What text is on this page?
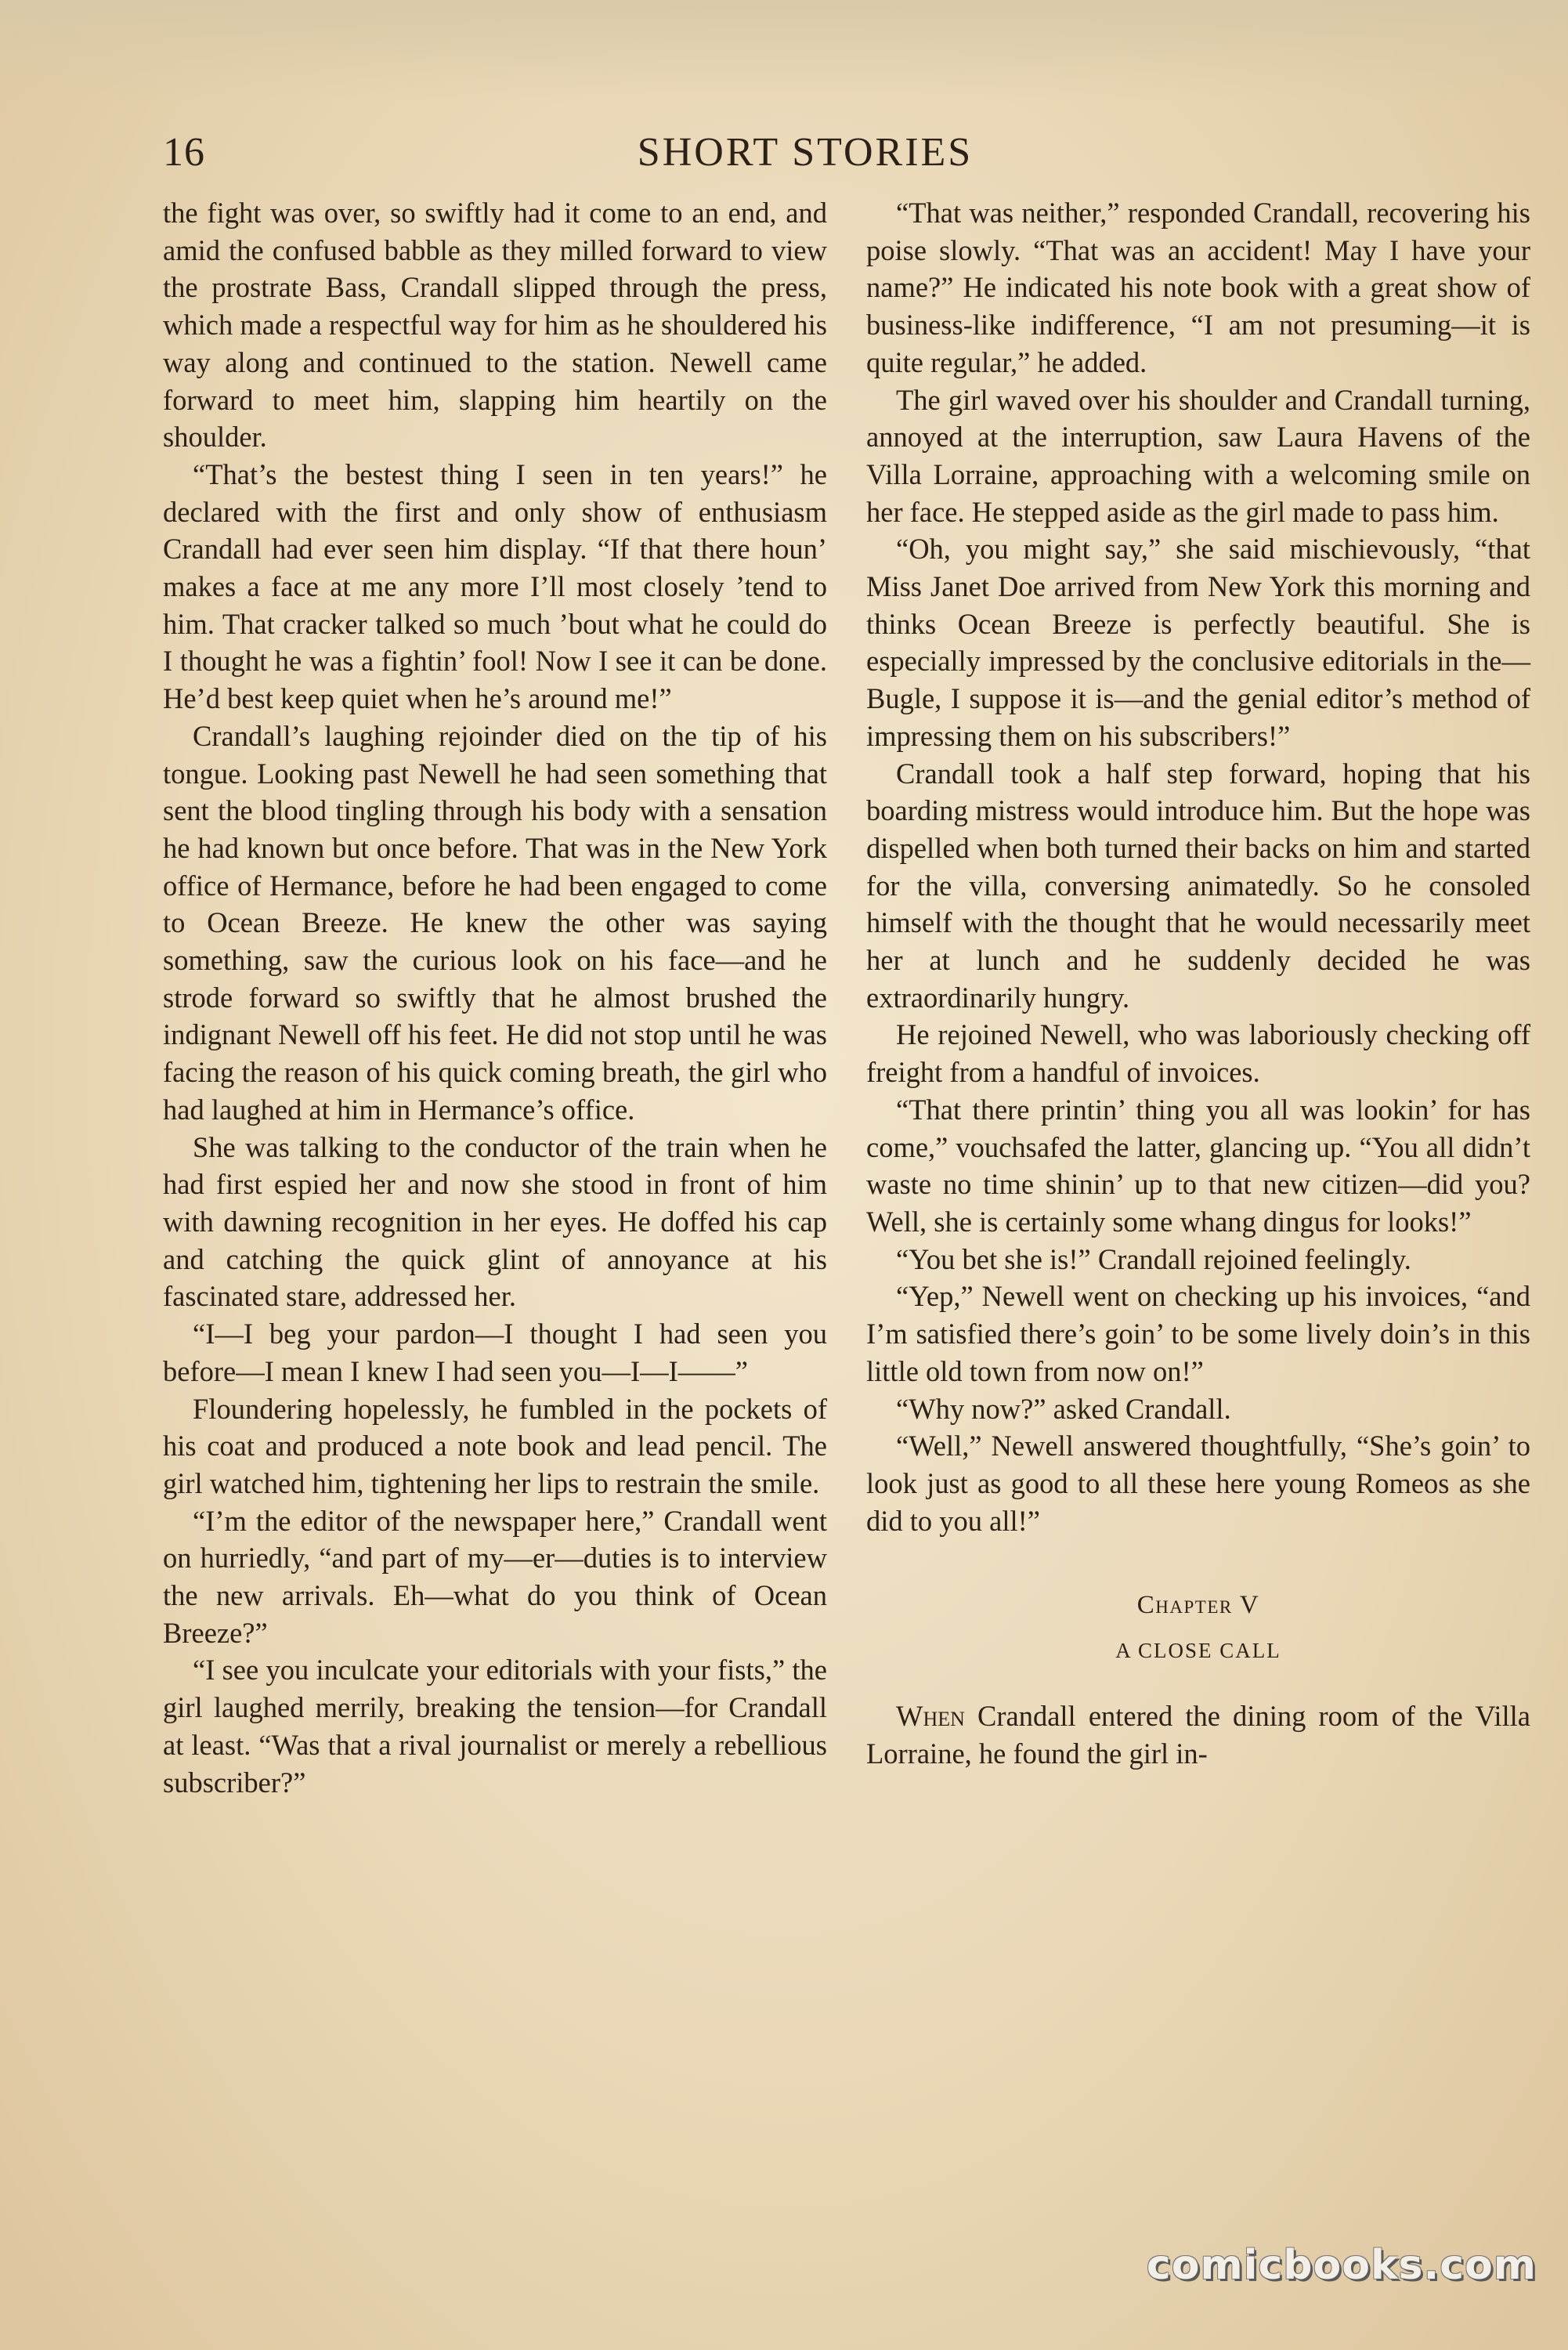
16	SHORT STORIES

the fight was over, so swiftly had it come to an end, and amid the confused babble as they milled forward to view the prostrate Bass, Crandall slipped through the press, which made a respectful way for him as he shouldered his way along and continued to the station. Newell came forward to meet him, slapping him heartily on the shoulder.

“That’s the bestest thing I seen in ten years!” he declared with the first and only show of enthusiasm Crandall had ever seen him display. “If that there houn’ makes a face at me any more I’ll most closely ’tend to him. That cracker talked so much ’bout what he could do I thought he was a fightin’ fool! Now I see it can be done. He’d best keep quiet when he’s around me!”

Crandall’s laughing rejoinder died on the tip of his tongue. Looking past Newell he had seen something that sent the blood tingling through his body with a sensation he had known but once before. That was in the New York office of Hermance, before he had been engaged to come to Ocean Breeze. He knew the other was saying something, saw the curious look on his face—and he strode forward so swiftly that he almost brushed the indignant Newell off his feet. He did not stop until he was facing the reason of his quick coming breath, the girl who had laughed at him in Hermance’s office.

She was talking to the conductor of the train when he had first espied her and now she stood in front of him with dawning recognition in her eyes. He doffed his cap and catching the quick glint of annoyance at his fascinated stare, addressed her.

“I—I beg your pardon—I thought I had seen you before—I mean I knew I had seen you—I—I——”

Floundering hopelessly, he fumbled in the pockets of his coat and produced a note book and lead pencil. The girl watched him, tightening her lips to restrain the smile.

“I’m the editor of the newspaper here,” Crandall went on hurriedly, “and part of my—er—duties is to interview the new arrivals. Eh—what do you think of Ocean Breeze?”

“I see you inculcate your editorials with your fists,” the girl laughed merrily, breaking the tension—for Crandall at least. “Was that a rival journalist or merely a rebellious subscriber?”

“That was neither,” responded Crandall, recovering his poise slowly. “That was an accident! May I have your name?” He indicated his note book with a great show of business-like indifference, “I am not presuming—it is quite regular,” he added.

The girl waved over his shoulder and Crandall turning, annoyed at the interruption, saw Laura Havens of the Villa Lorraine, approaching with a welcoming smile on her face. He stepped aside as the girl made to pass him.

“Oh, you might say,” she said mischievously, “that Miss Janet Doe arrived from New York this morning and thinks Ocean Breeze is perfectly beautiful. She is especially impressed by the conclusive editorials in the—Bugle, I suppose it is—and the genial editor’s method of impressing them on his subscribers!”

Crandall took a half step forward, hoping that his boarding mistress would introduce him. But the hope was dispelled when both turned their backs on him and started for the villa, conversing animatedly. So he consoled himself with the thought that he would necessarily meet her at lunch and he suddenly decided he was extraordinarily hungry.

He rejoined Newell, who was laboriously checking off freight from a handful of invoices.

“That there printin’ thing you all was lookin’ for has come,” vouchsafed the latter, glancing up. “You all didn’t waste no time shinin’ up to that new citizen—did you? Well, she is certainly some whang dingus for looks!”

“You bet she is!” Crandall rejoined feelingly.

“Yep,” Newell went on checking up his invoices, “and I’m satisfied there’s goin’ to be some lively doin’s in this little old town from now on!”

“Why now?” asked Crandall.

“Well,” Newell answered thoughtfully, “She’s goin’ to look just as good to all these here young Romeos as she did to you all!”

Chapter V

A CLOSE CALL

When Crandall entered the dining room of the Villa Lorraine, he found the girl in-

comicbooks.com
